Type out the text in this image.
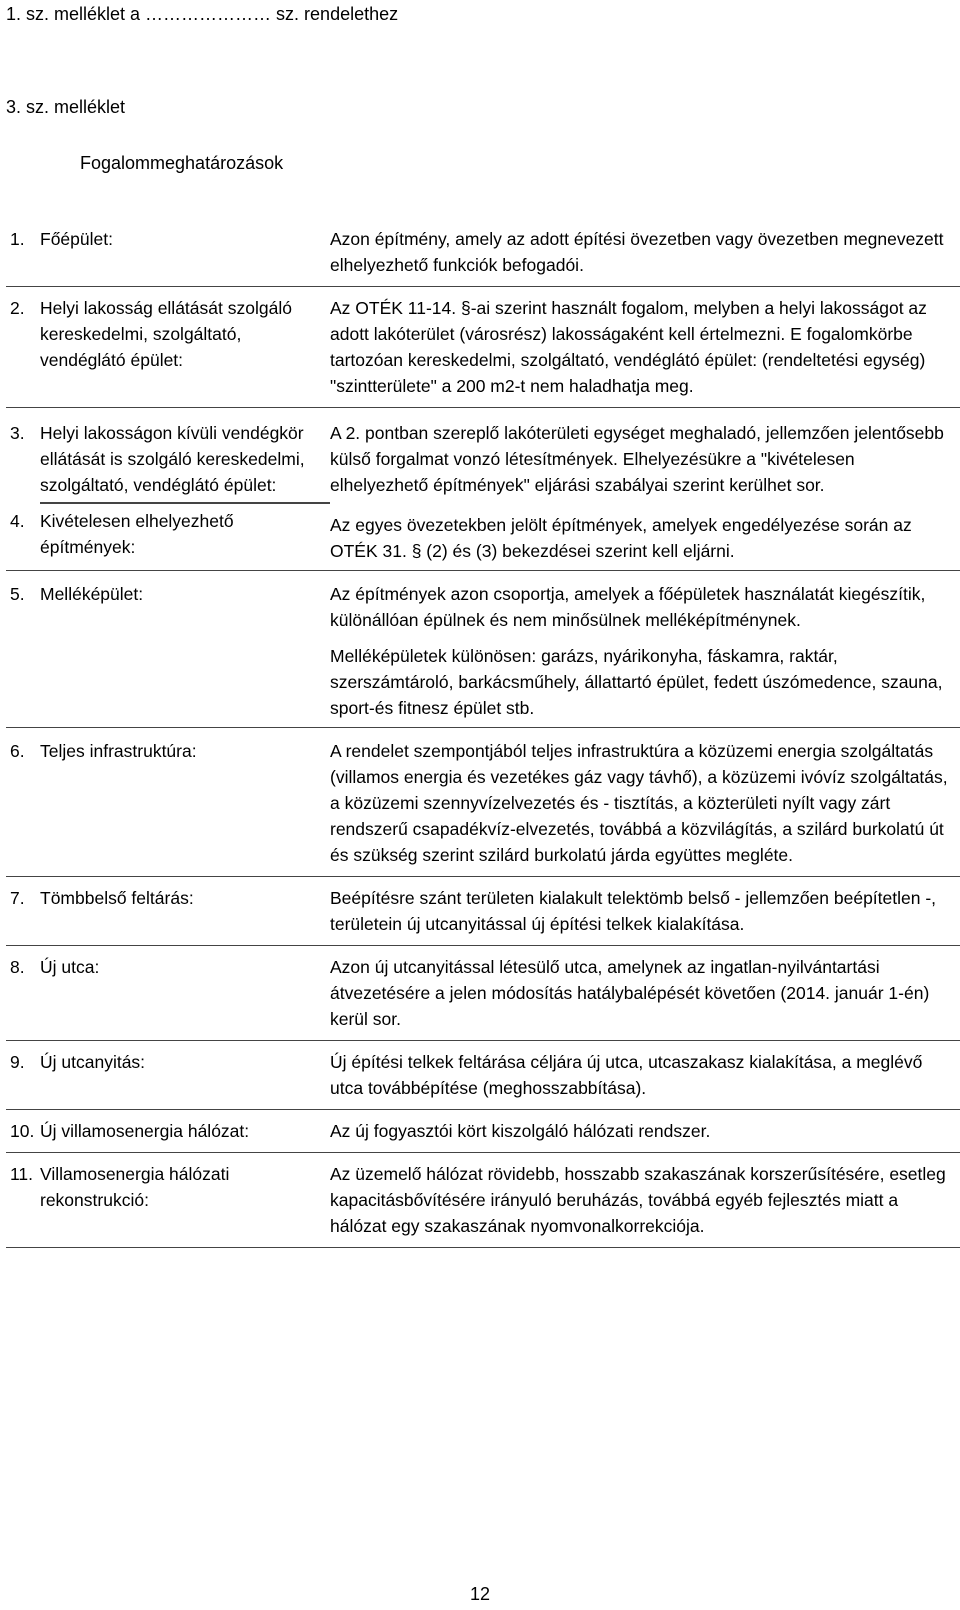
1. sz. melléklet a ………………… sz. rendelethez
3. sz. melléklet
Fogalommeghatározások
1. Főépület:	Azon építmény, amely az adott építési övezetben vagy övezetben megnevezett elhelyezhető funkciók befogadói.

2. Helyi lakosság ellátását szolgáló kereskedelmi, szolgáltató, vendéglátó épület:

Az OTÉK 11-14. §-ai szerint használt fogalom, melyben a helyi lakosságot az adott lakóterület (városrész) lakosságaként kell értelmezni. E fogalomkörbe tartozóan kereskedelmi, szolgáltató, vendéglátó épület: (rendeltetési egység) "szintterülete" a 200 m2-t nem haladhatja meg.

3. Helyi lakosságon kívüli vendégkör ellátását is szolgáló kereskedelmi, szolgáltató, vendéglátó épület:

A 2. pontban szereplő lakóterületi egységet meghaladó, jellemzően jelentősebb külső forgalmat vonzó létesítmények. Elhelyezésükre a "kivételesen elhelyezhető építmények" eljárási szabályai szerint kerülhet sor.

4. Kivételesen elhelyezhető építmények:

Az egyes övezetekben jelölt építmények, amelyek engedélyezése során az OTÉK 31. § (2) és (3) bekezdései szerint kell eljárni.

5. Melléképület:	Az építmények azon csoportja, amelyek a főépületek használatát kiegészítik, különállóan épülnek és nem minősülnek melléképítménynek.

Melléképületek különösen: garázs, nyárikonyha, fáskamra, raktár, szerszámtároló, barkácsműhely, állattartó épület, fedett úszómedence, szauna, sport-és fitnesz épület stb.

6. Teljes infrastruktúra:	A rendelet szempontjából teljes infrastruktúra a közüzemi energia szolgáltatás (villamos energia és vezetékes gáz vagy távhő), a közüzemi ivóvíz szolgáltatás, a közüzemi szennyvízelvezetés és - tisztítás, a közterületi nyílt vagy zárt rendszerű csapadékvíz-elvezetés, továbbá a közvilágítás, a szilárd burkolatú út és szükség szerint szilárd burkolatú járda együttes megléte.

7. Tömbbelső feltárás:	Beépítésre szánt területen kialakult telektömb belső - jellemzően beépítetlen -, területein új utcanyitással új építési telkek kialakítása.

8. Új utca:	Azon új utcanyitással létesülő utca, amelynek az ingatlan-nyilvántartási átvezetésére a jelen módosítás hatálybalépését követően (2014. január 1-én) kerül sor.

9. Új utcanyitás:	Új építési telkek feltárása céljára új utca, utcaszakasz kialakítása, a meglévő utca továbbépítése (meghosszabbítása).

10. Új villamosenergia hálózat:	Az új fogyasztói kört kiszolgáló hálózati rendszer.

11. Villamosenergia hálózati rekonstrukció:

Az üzemelő hálózat rövidebb, hosszabb szakaszának korszerűsítésére, esetleg kapacitásbővítésére irányuló beruházás, továbbá egyéb fejlesztés miatt a hálózat egy szakaszának nyomvonalkorrekciója.

12
